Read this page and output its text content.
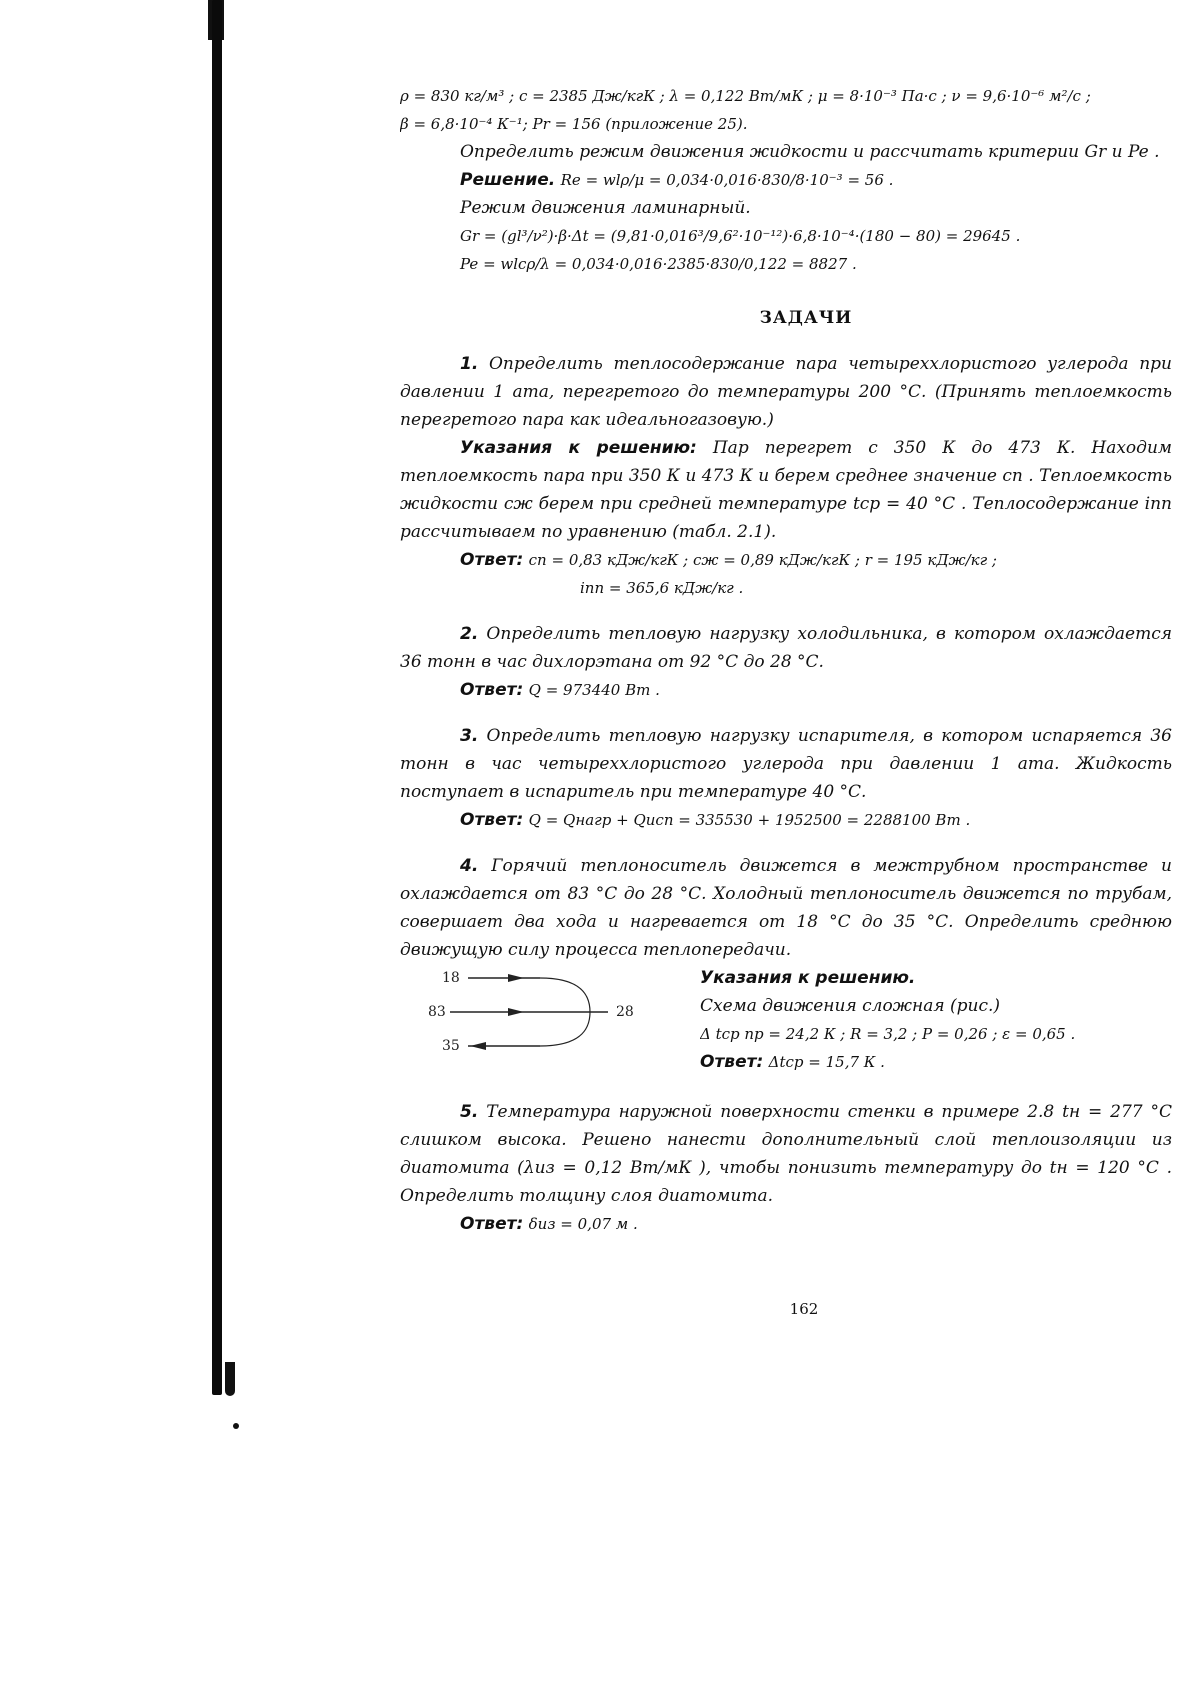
ρ = 830 кг/м³ ; c = 2385 Дж/кгК ; λ = 0,122 Вт/мК ; μ = 8·10⁻³ Па·с ; ν = 9,6·10⁻⁶ м²/с ;
β = 6,8·10⁻⁴ К⁻¹; Pr = 156 (приложение 25).
Определить режим движения жидкости и рассчитать критерии Gr и Pe .
Решение. Re = wlρ/μ = 0,034·0,016·830/8·10⁻³ = 56 .
Режим движения ламинарный.
Gr = (gl³/ν²)·β·Δt = (9,81·0,016³/9,6²·10⁻¹²)·6,8·10⁻⁴·(180 − 80) = 29645 .
Pe = wlcρ/λ = 0,034·0,016·2385·830/0,122 = 8827 .
ЗАДАЧИ
1. Определить теплосодержание пара четыреххлористого углерода при давлении 1 ата, перегретого до температуры 200 °С. (Принять теплоемкость перегретого пара как идеальногазовую.)
Указания к решению: Пар перегрет с 350 К до 473 К. Находим теплоемкость пара при 350 К и 473 К и берем среднее значение cп . Теплоемкость жидкости cж берем при средней температуре tср = 40 °С . Теплосодержание iпп рассчитываем по уравнению (табл. 2.1).
Ответ: cп = 0,83 кДж/кгК ; cж = 0,89 кДж/кгК ; r = 195 кДж/кг ;
iпп = 365,6 кДж/кг .
2. Определить тепловую нагрузку холодильника, в котором охлаждается 36 тонн в час дихлорэтана от 92 °С до 28 °С.
Ответ: Q = 973440 Вт .
3. Определить тепловую нагрузку испарителя, в котором испаряется 36 тонн в час четыреххлористого углерода при давлении 1 ата. Жидкость поступает в испаритель при температуре 40 °С.
Ответ: Q = Qнагр + Qисп = 335530 + 1952500 = 2288100 Вт .
4. Горячий теплоноситель движется в межтрубном пространстве и охлаждается от 83 °С до 28 °С. Холодный теплоноситель движется по трубам, совершает два хода и нагревается от 18 °С до 35 °С. Определить среднюю движущую силу процесса теплопередачи.
18
83
35
28
Указания к решению.
Схема движения сложная (рис.)
Δ tср пр = 24,2 К ; R = 3,2 ; P = 0,26 ; ε = 0,65 .
Ответ: Δtср = 15,7 К .
5. Температура наружной поверхности стенки в примере 2.8 tн = 277 °С слишком высока. Решено нанести дополнительный слой теплоизоляции из диатомита (λиз = 0,12 Вт/мК ), чтобы понизить температуру до tн = 120 °С . Определить толщину слоя диатомита.
Ответ: δиз = 0,07 м .
162
